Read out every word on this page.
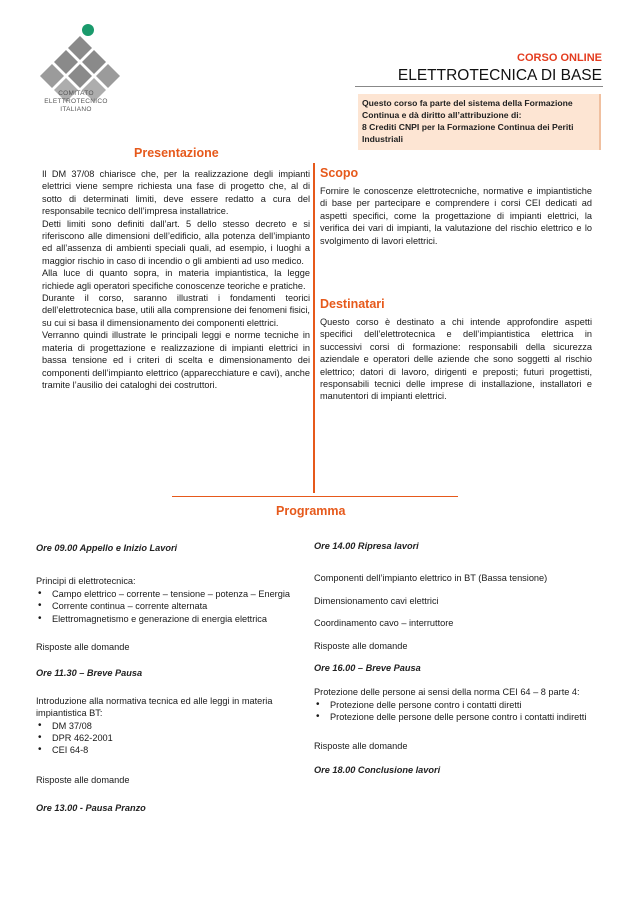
COMITATO
ELETTROTECNICO
ITALIANO
CORSO ONLINE
ELETTROTECNICA DI BASE

Questo corso fa parte del sistema della Formazione

Continua e dà diritto all’attribuzione di:

8 Crediti CNPI per la Formazione Continua dei Periti

Industriali

Presentazione

Il DM 37/08 chiarisce che, per la realizzazione degli impianti elettrici viene sempre richiesta una fase di progetto che, al di sotto di determinati limiti, deve essere redatto a cura del responsabile tecnico dell’impresa installatrice.

Detti limiti sono definiti dall’art. 5 dello stesso decreto e si riferiscono alle dimensioni dell’edificio, alla potenza dell’impianto ed all’assenza di ambienti speciali quali, ad esempio, i luoghi a maggior rischio in caso di incendio o gli ambienti ad uso medico.

Alla luce di quanto sopra, in materia impiantistica, la legge richiede agli operatori specifiche conoscenze teoriche e pratiche.

Durante il corso, saranno illustrati i fondamenti teorici dell’elettrotecnica base, utili alla comprensione dei fenomeni fisici, su cui si basa il dimensionamento dei componenti elettrici.

Verranno quindi illustrate le principali leggi e norme tecniche in materia di progettazione e realizzazione di impianti elettrici in bassa tensione ed i criteri di scelta e dimensionamento dei componenti dell’impianto elettrico (apparecchiature e cavi), anche tramite l’ausilio dei cataloghi dei costruttori.

Scopo
Fornire le conoscenze elettrotecniche, normative e impiantistiche di base per partecipare e comprendere i corsi CEI dedicati ad aspetti specifici, come la progettazione di impianti elettrici, la verifica dei vari di impianti, la valutazione del rischio elettrico e lo svolgimento di lavori elettrici.
Destinatari
Questo corso è destinato a chi intende approfondire aspetti specifici dell’elettrotecnica e dell’impiantistica elettrica in successivi corsi di formazione: responsabili della sicurezza aziendale e operatori delle aziende che sono soggetti al rischio elettrico; datori di lavoro, dirigenti e preposti; futuri progettisti, responsabili tecnici delle imprese di installazione, installatori e manutentori di impianti elettrici.
Programma

Ore 09.00 Appello e Inizio Lavori

Principi di elettrotecnica:

• Campo elettrico – corrente – tensione – potenza – Energia
• Corrente continua – corrente alternata
• Elettromagnetismo e generazione di energia elettrica

Risposte alle domande

Ore 11.30 – Breve Pausa

Introduzione alla normativa tecnica ed alle leggi in materia impiantistica BT:

• DM 37/08
• DPR 462-2001
• CEI 64-8

Risposte alle domande

Ore 13.00 - Pausa Pranzo

Ore 14.00 Ripresa lavori

Componenti dell’impianto elettrico in BT (Bassa tensione)

Dimensionamento cavi elettrici

Coordinamento cavo – interruttore

Risposte alle domande

Ore 16.00 – Breve Pausa

Protezione delle persone ai sensi della norma CEI 64 – 8 parte 4:

• Protezione delle persone contro i contatti diretti
• Protezione delle persone delle persone contro i contatti indiretti

Risposte alle domande

Ore 18.00 Conclusione lavori
